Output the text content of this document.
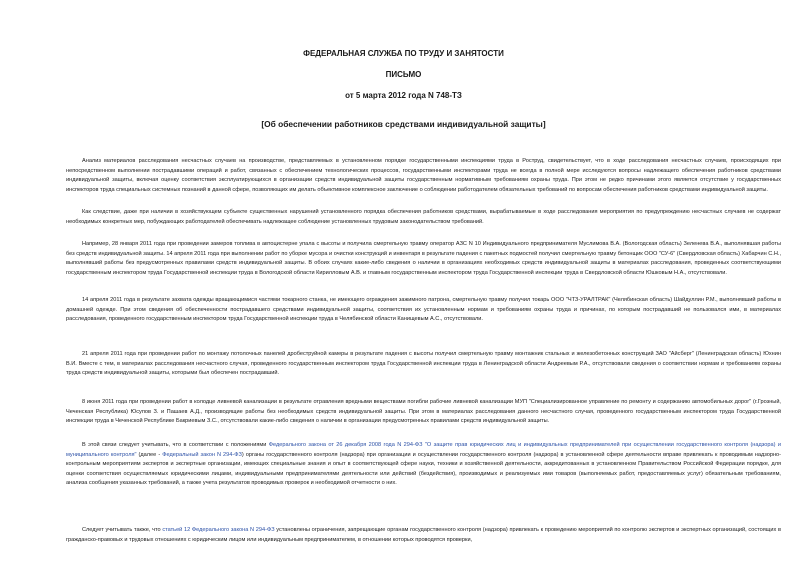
ФЕДЕРАЛЬНАЯ СЛУЖБА ПО ТРУДУ И ЗАНЯТОСТИ
ПИСЬМО
от 5 марта 2012 года N 748-ТЗ
[Об обеспечении работников средствами индивидуальной защиты]

Анализ материалов расследования несчастных случаев на производстве, представляемых в установленном порядке государственными инспекциями труда в Роструд, свидетельствует, что в ходе расследования несчастных случаев, происходящих при непосредственном выполнении пострадавшими операций и работ, связанных с обеспечением технологических процессов, государственными инспекторами труда не всегда в полной мере исследуются вопросы надлежащего обеспечения работников средствами индивидуальной защиты, включая оценку соответствия эксплуатирующихся в организации средств индивидуальной защиты государственным нормативным требованиям охраны труда. При этом не редко причинами этого является отсутствие у государственных инспекторов труда специальных системных познаний в данной сфере, позволяющих им делать объективное комплексное заключение о соблюдении работодателем обязательных требований по вопросам обеспечения работников средствами индивидуальной защиты.

Как следствие, даже при наличии в хозяйствующем субъекте существенных нарушений установленного порядка обеспечения работников средствами, вырабатываемые в ходе расследования мероприятия по предупреждению несчастных случаев не содержат необходимых конкретных мер, побуждающих работодателей обеспечивать надлежащее соблюдение установленных трудовым законодательством требований.

Например, 28 января 2011 года при проведении замеров топлива в автоцистерне упала с высоты и получила смертельную травму оператор АЗС N 10 Индивидуального предпринимателя Муслимова В.А. (Вологодская область) Зеленева В.А., выполнявшая работы без средств индивидуальной защиты. 14 апреля 2011 года при выполнении работ по уборке мусора и очистки конструкций и инвентаря в результате падения с пакетных подмостей получил смертельную травму бетонщик ООО "СУ-6" (Свердловская область) Хабарчин С.Н., выполнявший работы без предусмотренных правилами средств индивидуальной защиты. В обоих случаях какие-либо сведения о наличии в организациях необходимых средств индивидуальной защиты в материалах расследования, проведенных соответствующими государственным инспектором труда Государственной инспекции труда в Вологодской области Кирилловым А.В. и главным государственным инспектором труда Государственной инспекции труда в Свердловской области Юшковым Н.А., отсутствовали.

14 апреля 2011 года в результате захвата одежды вращающимися частями токарного станка, не имеющего ограждения зажимного патрона, смертельную травму получил токарь ООО "ЧТЗ-УРАЛТРАК" (Челябинская область) Шайдуллин Р.М., выполнявший работы в домашней одежде. При этом сведения об обеспеченности пострадавшего средствами индивидуальной защиты, соответствия их установленным нормам и требованиям охраны труда и причинах, по которым пострадавший не пользовался ими, в материалах расследования, проведенного государственным инспектором труда Государственной инспекции труда в Челябинской области Канищевым А.С., отсутствовали.

21 апреля 2011 года при проведении работ по монтажу потолочных панелей дробеструйной камеры в результате падения с высоты получил смертельную травму монтажник стальных и железобетонных конструкций ЗАО "Айсберг" (Ленинградская область) Юхнин В.И. Вместе с тем, в материалах расследования несчастного случая, проведенного государственным инспектором труда Государственной инспекции труда в Ленинградской области Андреевым Р.А., отсутствовали сведения о соответствии нормам и требованиям охраны труда средств индивидуальной защиты, которыми был обеспечен пострадавший.

8 июня 2011 года при проведении работ в колодце ливневой канализации в результате отравления вредными веществами погибли рабочие ливневой канализации МУП "Специализированное управление по ремонту и содержанию автомобильных дорог" (г.Грозный, Чеченская Республика) Юсупов З. и Пашаев А.Д., производящие работы без необходимых средств индивидуальной защиты. При этом в материалах расследования данного несчастного случая, проведенного государственным инспектором труда Государственной инспекции труда в Чеченской Республике Бакриевым З.С., отсутствовали какие-либо сведения о наличии в организации предусмотренных правилами средств индивидуальной защиты.

В этой связи следует учитывать, что в соответствии с положениями Федерального закона от 26 декабря 2008 года N 294-ФЗ "О защите прав юридических лиц и индивидуальных предпринимателей при осуществлении государственного контроля (надзора) и муниципального контроля" (далее - Федеральный закон N 294-ФЗ) органы государственного контроля (надзора) при организации и осуществлении государственного контроля (надзора) в установленной сфере деятельности вправе привлекать к проводимым надзорно-контрольным мероприятиям экспертов и экспертные организации, имеющих специальные знания и опыт в соответствующей сфере науки, техники и хозяйственной деятельности, аккредитованных в установленном Правительством Российской Федерации порядке, для оценки соответствия осуществляемых юридическими лицами, индивидуальными предпринимателями деятельности или действий (бездействия), производимых и реализуемых ими товаров (выполняемых работ, предоставляемых услуг) обязательным требованиям, анализа сообщения указанных требований, а также учета результатов проводимых проверок и необходимой отчетности о них.

Следует учитывать также, что статьей 12 Федерального закона N 294-ФЗ установлены ограничения, запрещающие органам государственного контроля (надзора) привлекать к проведению мероприятий по контролю экспертов и экспертных организаций, состоящих в гражданско-правовых и трудовых отношениях с юридическим лицом или индивидуальным предпринимателем, в отношении которых проводятся проверки,
